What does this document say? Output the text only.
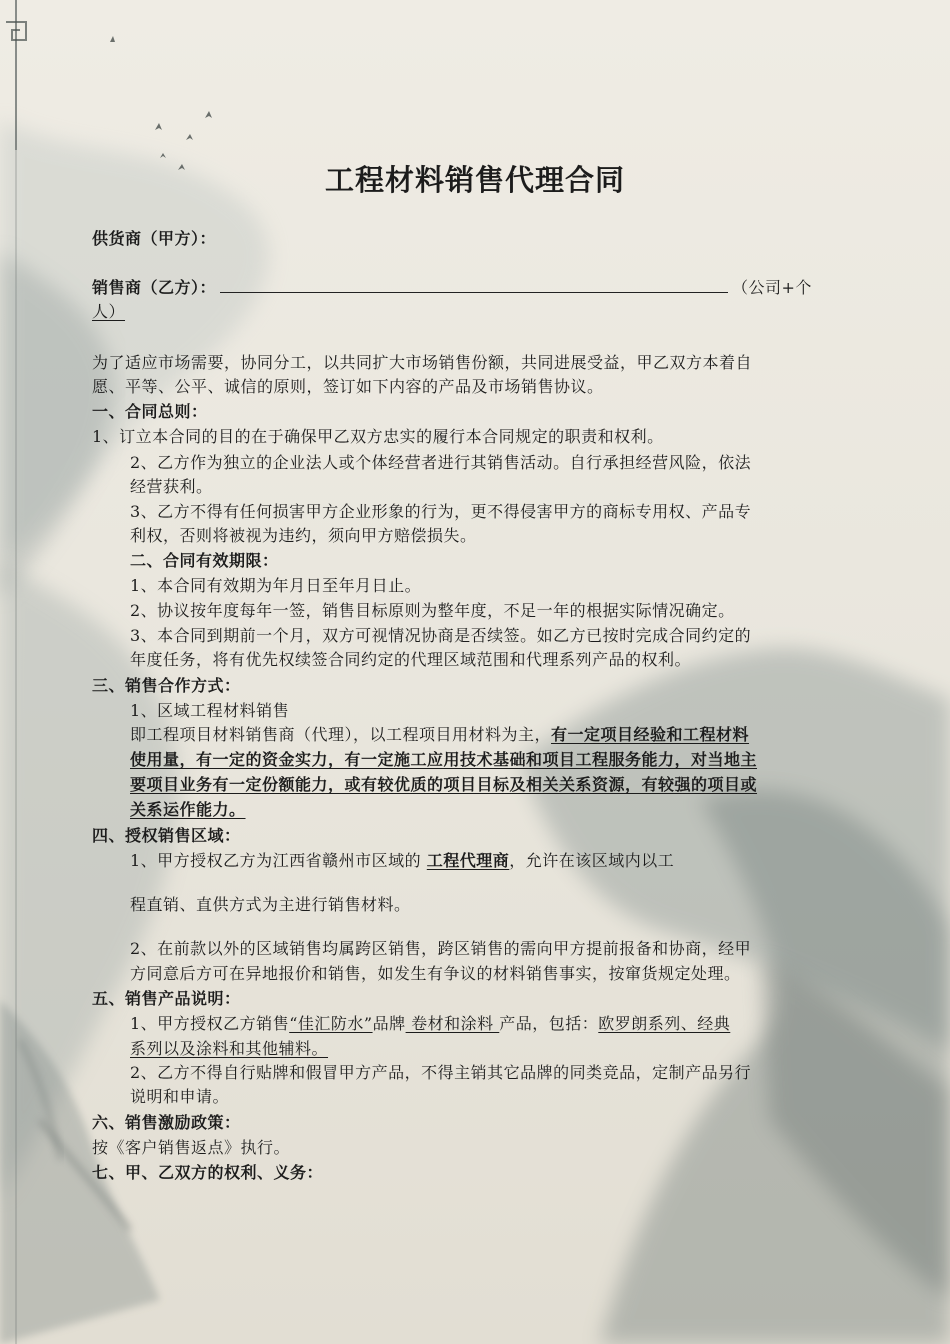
工程材料销售代理合同
供货商（甲方）：
销售商（乙方）：	（公司+个
人）
为了适应市场需要，协同分工，以共同扩大市场销售份额，共同进展受益，甲乙双方本着自
愿、平等、公平、诚信的原则，签订如下内容的产品及市场销售协议。
一、合同总则：
1、订立本合同的目的在于确保甲乙双方忠实的履行本合同规定的职责和权利。
2、乙方作为独立的企业法人或个体经营者进行其销售活动。自行承担经营风险，依法
经营获利。
3、乙方不得有任何损害甲方企业形象的行为，更不得侵害甲方的商标专用权、产品专
利权，否则将被视为违约，须向甲方赔偿损失。
二、合同有效期限：
1、本合同有效期为年月日至年月日止。
2、协议按年度每年一签，销售目标原则为整年度，不足一年的根据实际情况确定。
3、本合同到期前一个月，双方可视情况协商是否续签。如乙方已按时完成合同约定的
年度任务，将有优先权续签合同约定的代理区域范围和代理系列产品的权利。
三、销售合作方式：
1、区域工程材料销售
即工程项目材料销售商（代理），以工程项目用材料为主，有一定项目经验和工程材料
使用量，有一定的资金实力，有一定施工应用技术基础和项目工程服务能力，对当地主
要项目业务有一定份额能力，或有较优质的项目目标及相关关系资源，有较强的项目或
关系运作能力。
四、授权销售区域：
1、甲方授权乙方为江西省赣州市区域的 工程代理商，允许在该区域内以工
程直销、直供方式为主进行销售材料。
2、在前款以外的区域销售均属跨区销售，跨区销售的需向甲方提前报备和协商，经甲
方同意后方可在异地报价和销售，如发生有争议的材料销售事实，按窜货规定处理。
五、销售产品说明：
1、甲方授权乙方销售“佳汇防水”品牌 卷材和涂料 产品，包括：欧罗朗系列、经典
系列以及涂料和其他辅料。
2、乙方不得自行贴牌和假冒甲方产品，不得主销其它品牌的同类竞品，定制产品另行
说明和申请。
六、销售激励政策：
按《客户销售返点》执行。
七、甲、乙双方的权利、义务：
